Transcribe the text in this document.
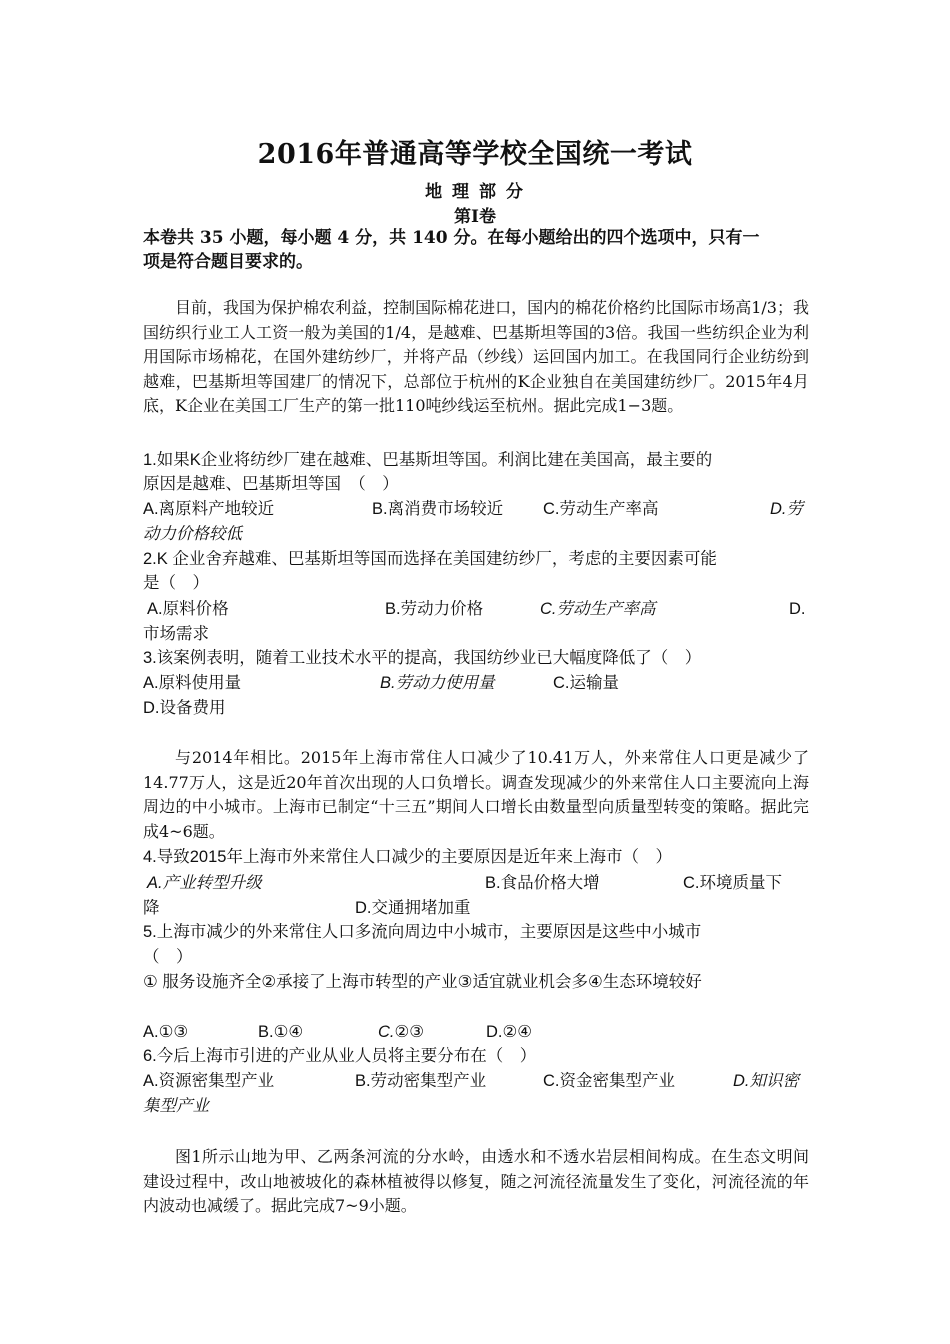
2016年普通高等学校全国统一考试
地 理 部 分
第Ⅰ卷
本卷共 35 小题，每小题 4 分，共 140 分。在每小题给出的四个选项中，只有一
项是符合题目要求的。
目前，我国为保护棉农利益，控制国际棉花进口，国内的棉花价格约比国际市场高1/3；我国纺织行业工人工资一般为美国的1/4，是越难、巴基斯坦等国的3倍。我国一些纺织企业为利用国际市场棉花，在国外建纺纱厂，并将产品（纱线）运回国内加工。在我国同行企业纺纷到越难，巴基斯坦等国建厂的情况下，总部位于杭州的K企业独自在美国建纺纱厂。2015年4月底，K企业在美国工厂生产的第一批110吨纱线运至杭州。据此完成1−3题。
1.如果K企业将纺纱厂建在越难、巴基斯坦等国。利润比建在美国高，最主要的
原因是越难、巴基斯坦等国　（　）
A.离原料产地较近	B.离消费市场较近 C.劳动生产率高	D.劳
动力价格较低
2.K 企业舍弃越难、巴基斯坦等国而选择在美国建纺纱厂，考虑的主要因素可能
是（　）
A.原料价格	B.劳动力价格	C.劳动生产率高	D.
市场需求
3.该案例表明，随着工业技术水平的提高，我国纺纱业已大幅度降低了（　）
A.原料使用量	B.劳动力使用量	C.运输量
D.设备费用
与2014年相比。2015年上海市常住人口减少了10.41万人，外来常住人口更是减少了14.77万人，这是近20年首次出现的人口负增长。调查发现减少的外来常住人口主要流向上海周边的中小城市。上海市已制定“十三五”期间人口增长由数量型向质量型转变的策略。据此完成4~6题。
4.导致2015年上海市外来常住人口减少的主要原因是近年来上海市（　）
A.产业转型升级	B.食品价格大增	C.环境质量下
降	D.交通拥堵加重
5.上海市减少的外来常住人口多流向周边中小城市，主要原因是这些中小城市
（　）
① 服务设施齐全②承接了上海市转型的产业③适宜就业机会多④生态环境较好
A.①③	B.①④	C.②③	D.②④
6.今后上海市引进的产业从业人员将主要分布在（　）
A.资源密集型产业	B.劳动密集型产业	C.资金密集型产业	D.知识密
集型产业
图1所示山地为甲、乙两条河流的分水岭，由透水和不透水岩层相间构成。在生态文明间建设过程中，改山地被坡化的森林植被得以修复，随之河流径流量发生了变化，河流径流的年内波动也减缓了。据此完成7~9小题。
